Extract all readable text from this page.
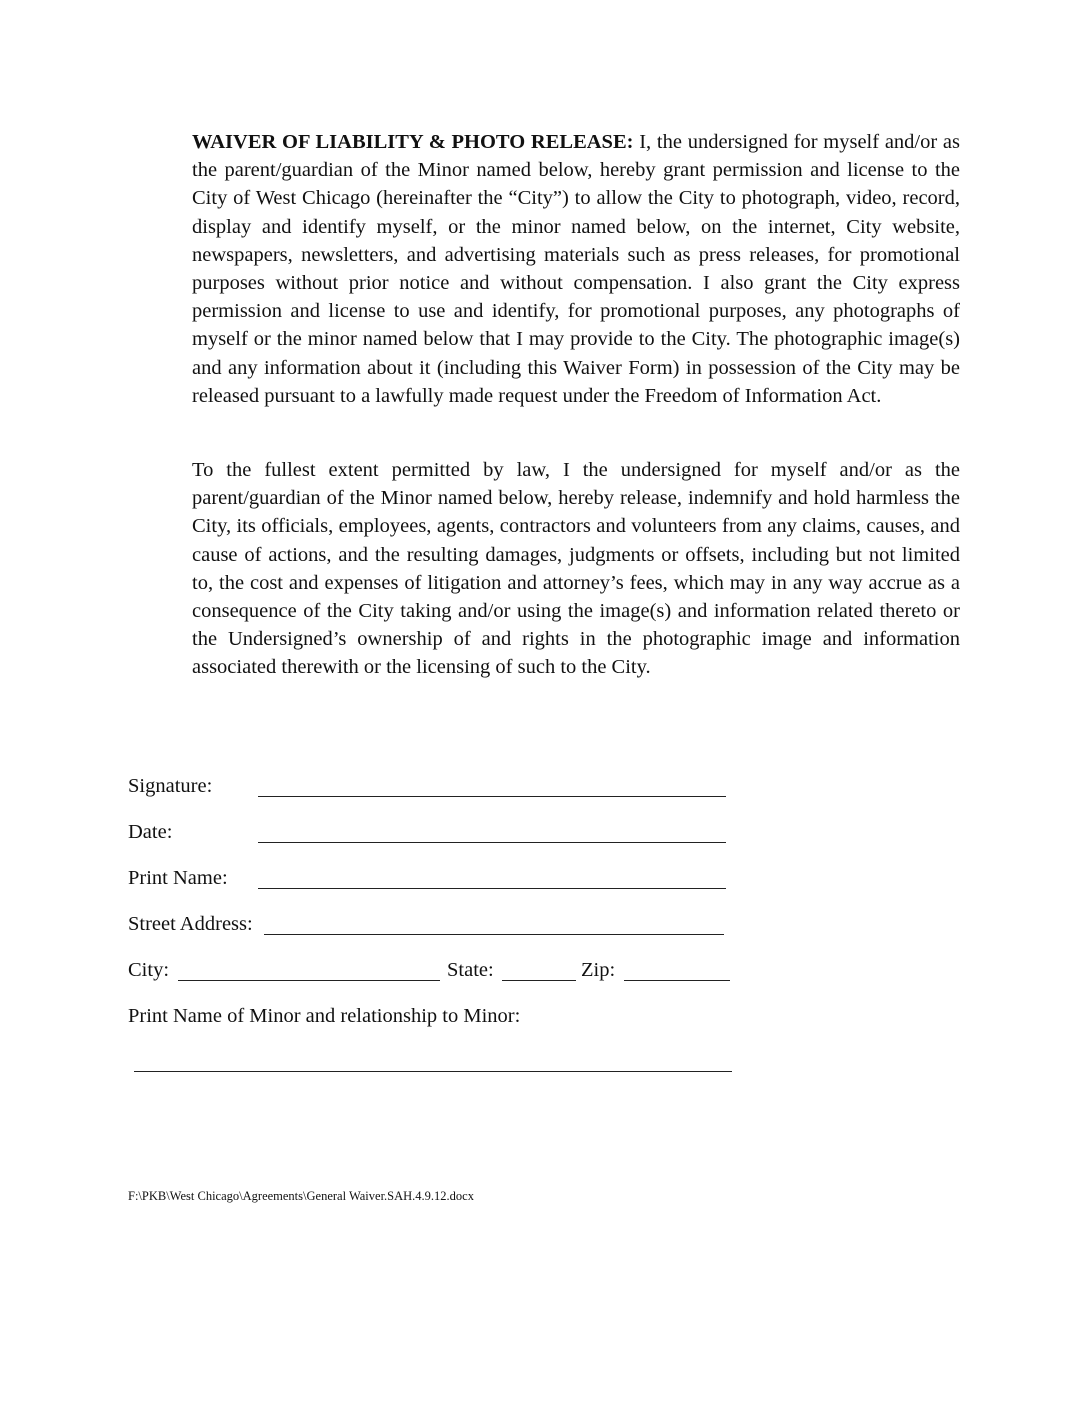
WAIVER OF LIABILITY & PHOTO RELEASE: I, the undersigned for myself and/or as the parent/guardian of the Minor named below, hereby grant permission and license to the City of West Chicago (hereinafter the “City”) to allow the City to photograph, video, record, display and identify myself, or the minor named below, on the internet, City website, newspapers, newsletters, and advertising materials such as press releases, for promotional purposes without prior notice and without compensation. I also grant the City express permission and license to use and identify, for promotional purposes, any photographs of myself or the minor named below that I may provide to the City. The photographic image(s) and any information about it (including this Waiver Form) in possession of the City may be released pursuant to a lawfully made request under the Freedom of Information Act.

To the fullest extent permitted by law, I the undersigned for myself and/or as the parent/guardian of the Minor named below, hereby release, indemnify and hold harmless the City, its officials, employees, agents, contractors and volunteers from any claims, causes, and cause of actions, and the resulting damages, judgments or offsets, including but not limited to, the cost and expenses of litigation and attorney’s fees, which may in any way accrue as a consequence of the City taking and/or using the image(s) and information related thereto or the Undersigned’s ownership of and rights in the photographic image and information associated therewith or the licensing of such to the City.

Signature:
Date:
Print Name:
Street Address:
City:	State:	Zip:
Print Name of Minor and relationship to Minor:
F:\PKB\West Chicago\Agreements\General Waiver.SAH.4.9.12.docx
